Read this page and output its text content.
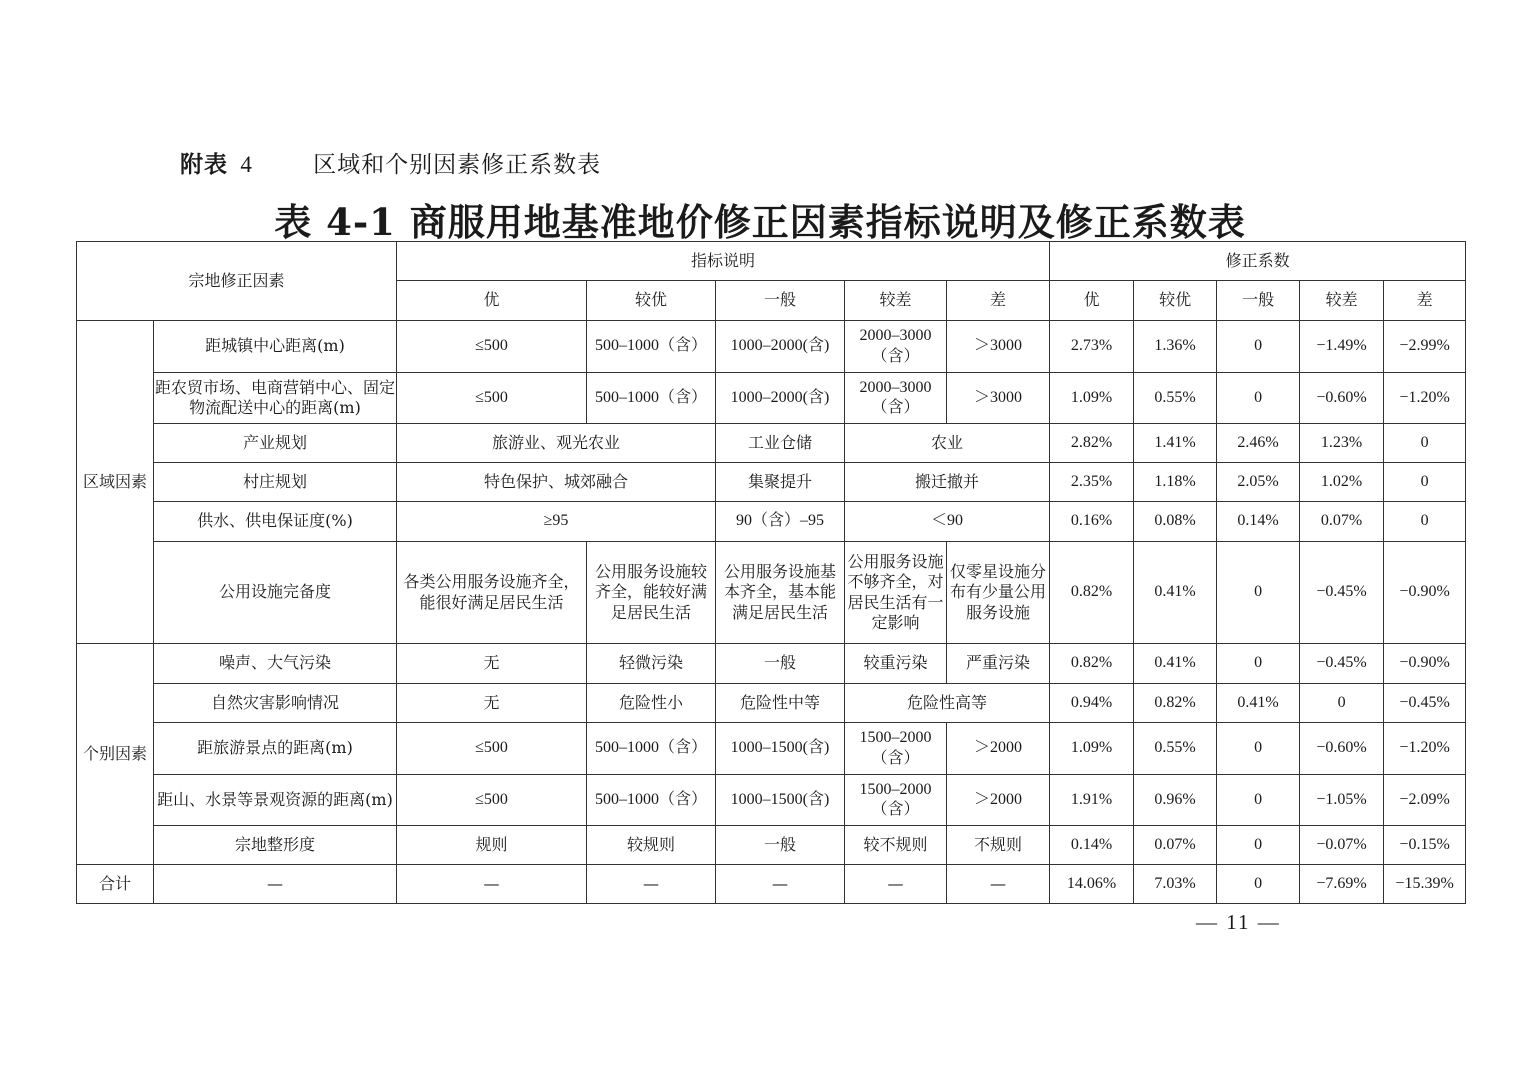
附表 4	区域和个别因素修正系数表
表 4-1 商服用地基准地价修正因素指标说明及修正系数表
宗地修正因素		指标说明					修正系数				
		优	较优	一般	较差	差	优	较优	一般	较差	差
区域因素	距城镇中心距离(m)	≤500	500–1000（含）	1000–2000(含)	2000–3000（含）	＞3000	2.73%	1.36%	0	−1.49%	−2.99%
	距农贸市场、电商营销中心、固定物流配送中心的距离(m)	≤500	500–1000（含）	1000–2000(含)	2000–3000（含）	＞3000	1.09%	0.55%	0	−0.60%	−1.20%
	产业规划	旅游业、观光农业		工业仓储	农业		2.82%	1.41%	2.46%	1.23%	0
	村庄规划	特色保护、城郊融合		集聚提升	搬迁撤并		2.35%	1.18%	2.05%	1.02%	0
	供水、供电保证度(%)	≥95		90（含）–95	＜90		0.16%	0.08%	0.14%	0.07%	0
	公用设施完备度	各类公用服务设施齐全，能很好满足居民生活	公用服务设施较齐全，能较好满足居民生活	公用服务设施基本齐全，基本能满足居民生活	公用服务设施不够齐全，对居民生活有一定影响	仅零星设施分布有少量公用服务设施	0.82%	0.41%	0	−0.45%	−0.90%
个别因素	噪声、大气污染	无	轻微污染	一般	较重污染	严重污染	0.82%	0.41%	0	−0.45%	−0.90%
	自然灾害影响情况	无	危险性小	危险性中等	危险性高等		0.94%	0.82%	0.41%	0	−0.45%
	距旅游景点的距离(m)	≤500	500–1000（含）	1000–1500(含)	1500–2000（含）	＞2000	1.09%	0.55%	0	−0.60%	−1.20%
	距山、水景等景观资源的距离(m)	≤500	500–1000（含）	1000–1500(含)	1500–2000（含）	＞2000	1.91%	0.96%	0	−1.05%	−2.09%
	宗地整形度	规则	较规则	一般	较不规则	不规则	0.14%	0.07%	0	−0.07%	−0.15%
合计	—	—	—	—	—	—	14.06%	7.03%	0	−7.69%	−15.39%
— 11 —
